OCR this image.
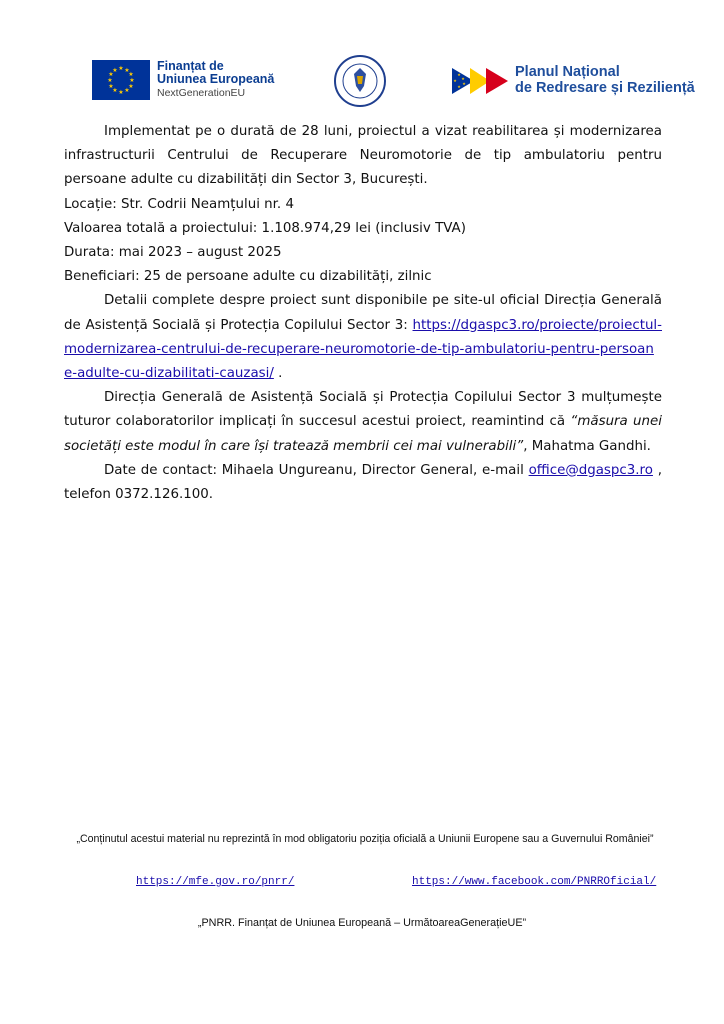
★ ★
★
★
★
★
★
★
★
★
★
★	Finanțat de
Uniunea Europeană
NextGenerationEU
★
★
★
★
★
Planul Național
de Redresare și Reziliență

Implementat pe o durată de 28 luni, proiectul a vizat reabilitarea și modernizarea infrastructurii Centrului de Recuperare Neuromotorie de tip ambulatoriu pentru persoane adulte cu dizabilități din Sector 3, București.

Locație: Str. Codrii Neamțului nr. 4

Valoarea totală a proiectului: 1.108.974,29 lei (inclusiv TVA)

Durata: mai 2023 – august 2025

Beneficiari: 25 de persoane adulte cu dizabilități, zilnic

Detalii complete despre proiect sunt disponibile pe site-ul oficial Direcția Generală de Asistență Socială și Protecția Copilului Sector 3: https://dgaspc3.ro/proiecte/proiectul-modernizarea-centrului-de-recuperare-neuromotorie-de-tip-ambulatoriu-pentru-persoane-adulte-cu-dizabilitati-cauzasi/ .

Direcția Generală de Asistență Socială și Protecția Copilului Sector 3 mulțumește tuturor colaboratorilor implicați în succesul acestui proiect, reamintind că “măsura unei societăți este modul în care își tratează membrii cei mai vulnerabili”, Mahatma Gandhi.

Date de contact: Mihaela Ungureanu, Director General, e-mail office@dgaspc3.ro , telefon 0372.126.100.

„Conținutul acestui material nu reprezintă în mod obligatoriu poziția oficială a Uniunii Europene sau a Guvernului României”
https://mfe.gov.ro/pnrr/	https://www.facebook.com/PNRROficial/
„PNRR. Finanțat de Uniunea Europeană – UrmătoareaGenerațieUE”
